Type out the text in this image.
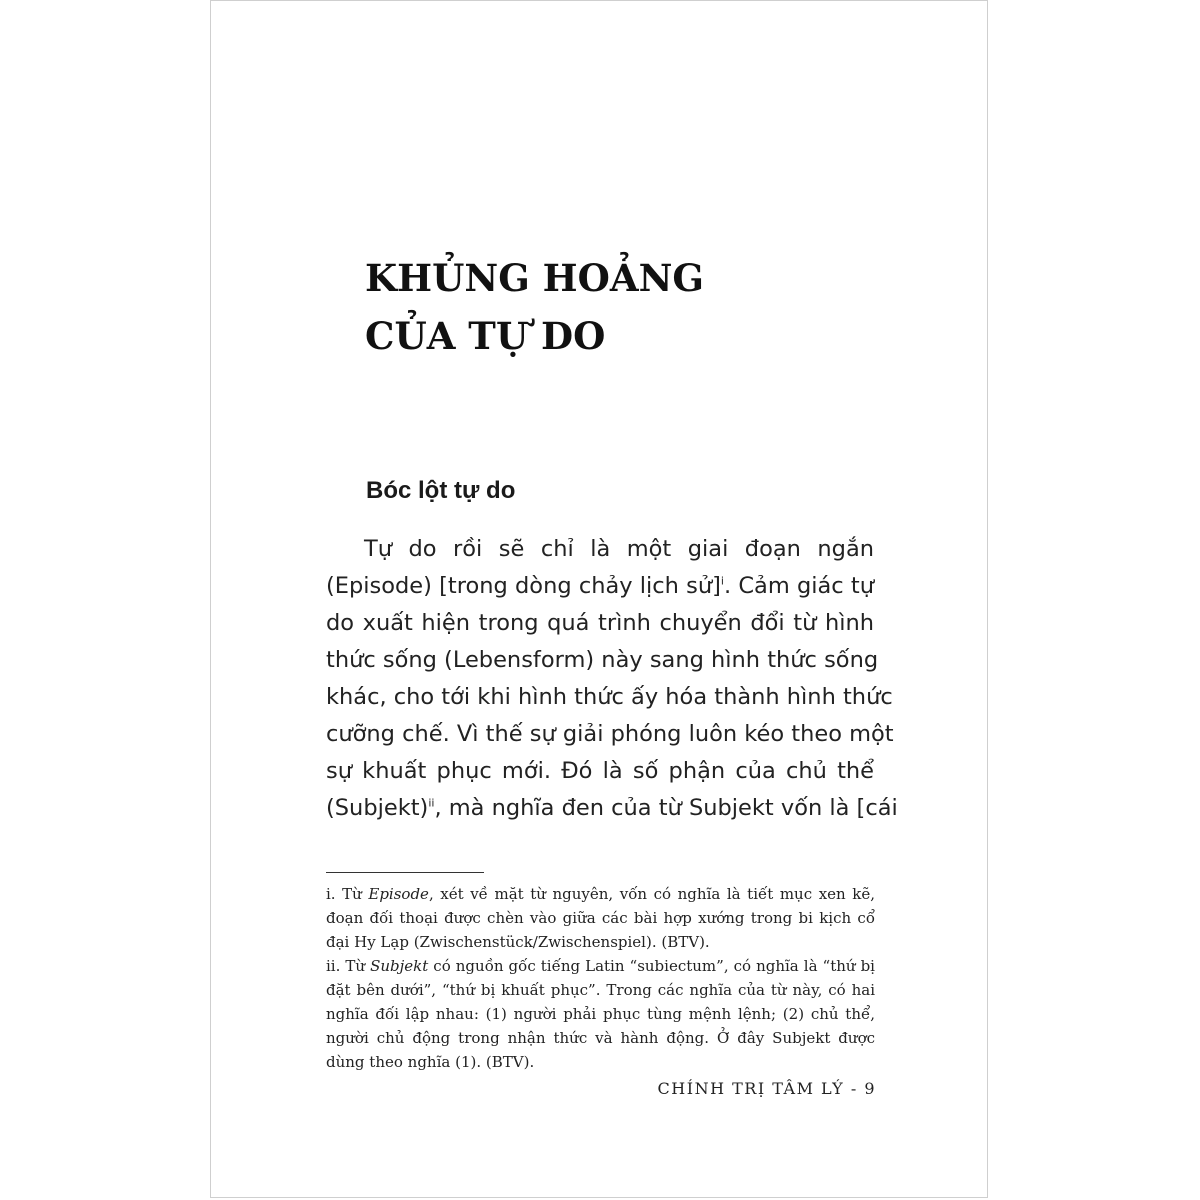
KHỦNG HOẢNG
CỦA TỰ DO
Bóc lột tự do
Tự do rồi sẽ chỉ là một giai đoạn ngắn
(Episode) [trong dòng chảy lịch sử]$^i$. Cảm giác tự
do xuất hiện trong quá trình chuyển đổi từ hình
thức sống (Lebensform) này sang hình thức sống
khác, cho tới khi hình thức ấy hóa thành hình thức
cưỡng chế. Vì thế sự giải phóng luôn kéo theo một
sự khuất phục mới. Đó là số phận của chủ thể
(Subjekt)$^{ii}$, mà nghĩa đen của từ Subjekt vốn là [cái
i. Từ Episode, xét về mặt từ nguyên, vốn có nghĩa là tiết mục xen kẽ,
đoạn đối thoại được chèn vào giữa các bài hợp xướng trong bi kịch cổ
đại Hy Lạp (Zwischenstück/Zwischenspiel). (BTV).
ii. Từ Subjekt có nguồn gốc tiếng Latin “subiectum”, có nghĩa là “thứ bị
đặt bên dưới”, “thứ bị khuất phục”. Trong các nghĩa của từ này, có hai
nghĩa đối lập nhau: (1) người phải phục tùng mệnh lệnh; (2) chủ thể,
người chủ động trong nhận thức và hành động. Ở đây Subjekt được
dùng theo nghĩa (1). (BTV).
CHÍNH TRỊ TÂM LÝ - 9
